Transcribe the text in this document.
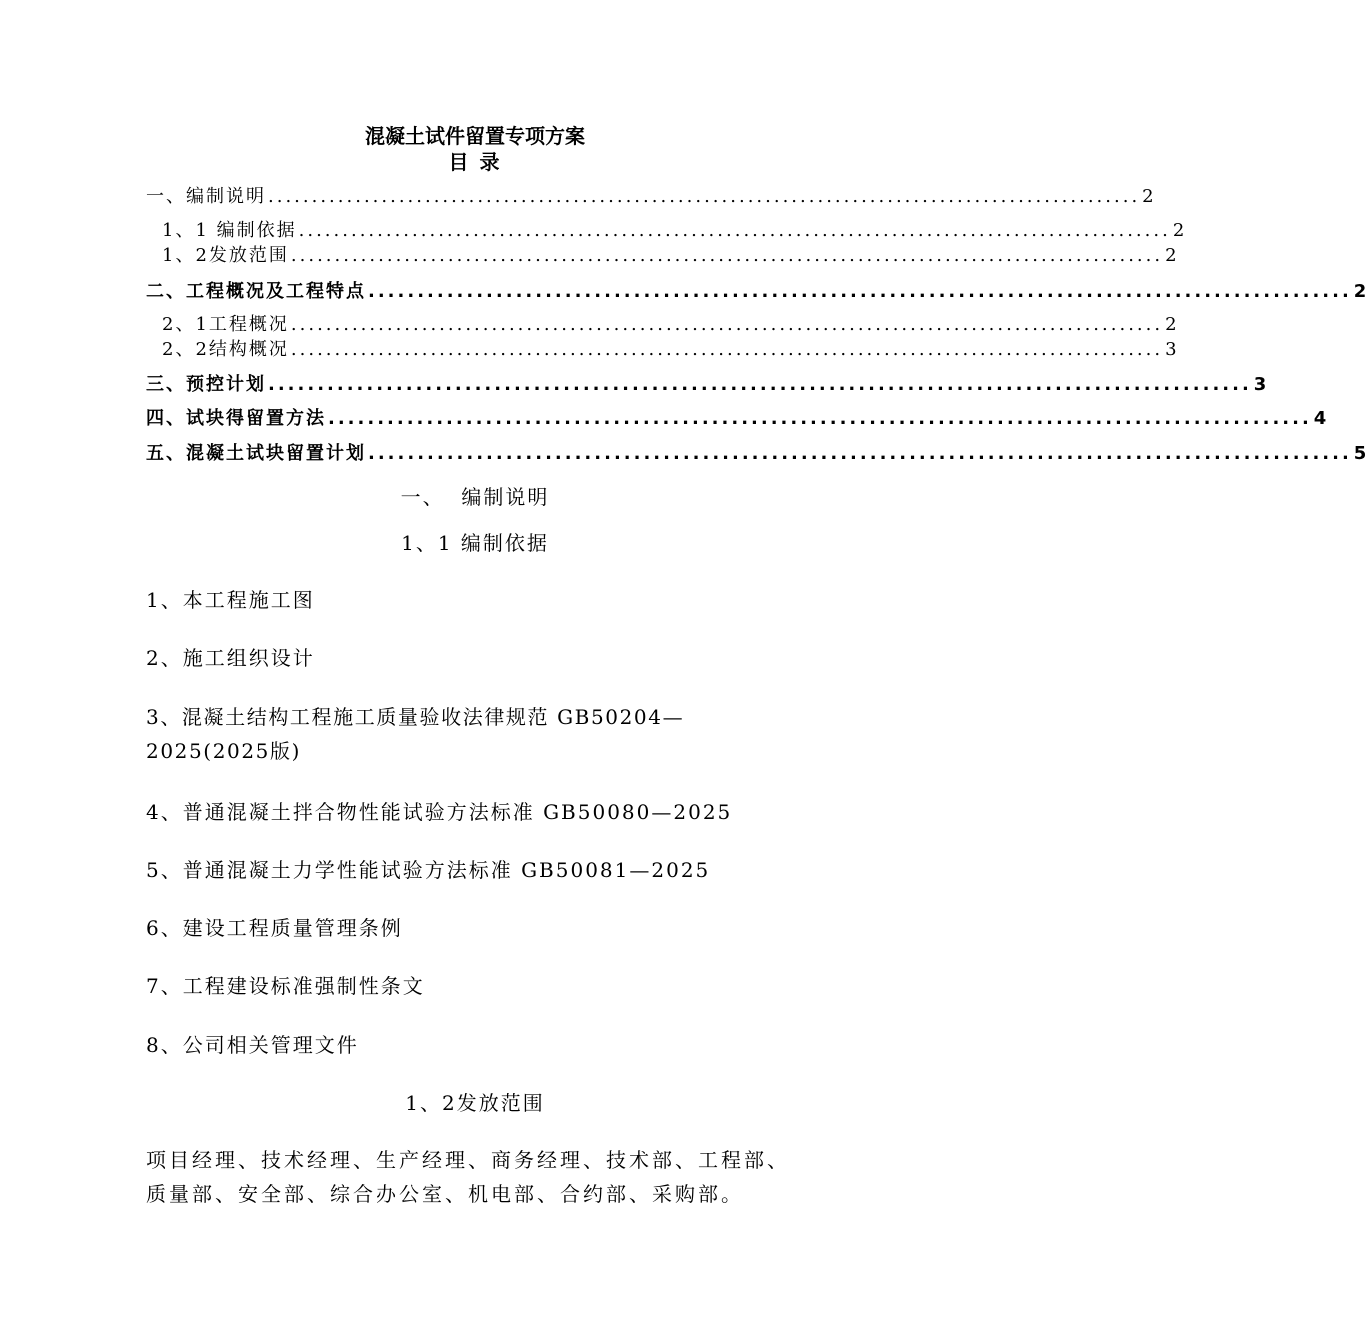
混凝土试件留置专项方案
目 录
一、 编制说明 .................................................................................................... 2
1、1 编制依据 .................................................................................................... 2
1、2发放范围 .................................................................................................... 2
二、 工程概况及工程特点 .................................................................................................... 2
2、1工程概况 .................................................................................................... 2
2、2结构概况 .................................................................................................... 3
三、预控计划 .................................................................................................... 3
四、试块得留置方法 .................................................................................................... 4
五、 混凝土试块留置计划 .................................................................................................... 5
一、  编制说明
1、1 编制依据
1、本工程施工图
2、施工组织设计
3、混凝土结构工程施工质量验收法律规范 GB50204—2025(2025版)
4、普通混凝土拌合物性能试验方法标准 GB50080—2025
5、普通混凝土力学性能试验方法标准 GB50081—2025
6、建设工程质量管理条例
7、工程建设标准强制性条文
8、公司相关管理文件
1、2发放范围
项目经理、技术经理、生产经理、商务经理、技术部、工程部、质量部、安全部、综合办公室、机电部、合约部、采购部。
